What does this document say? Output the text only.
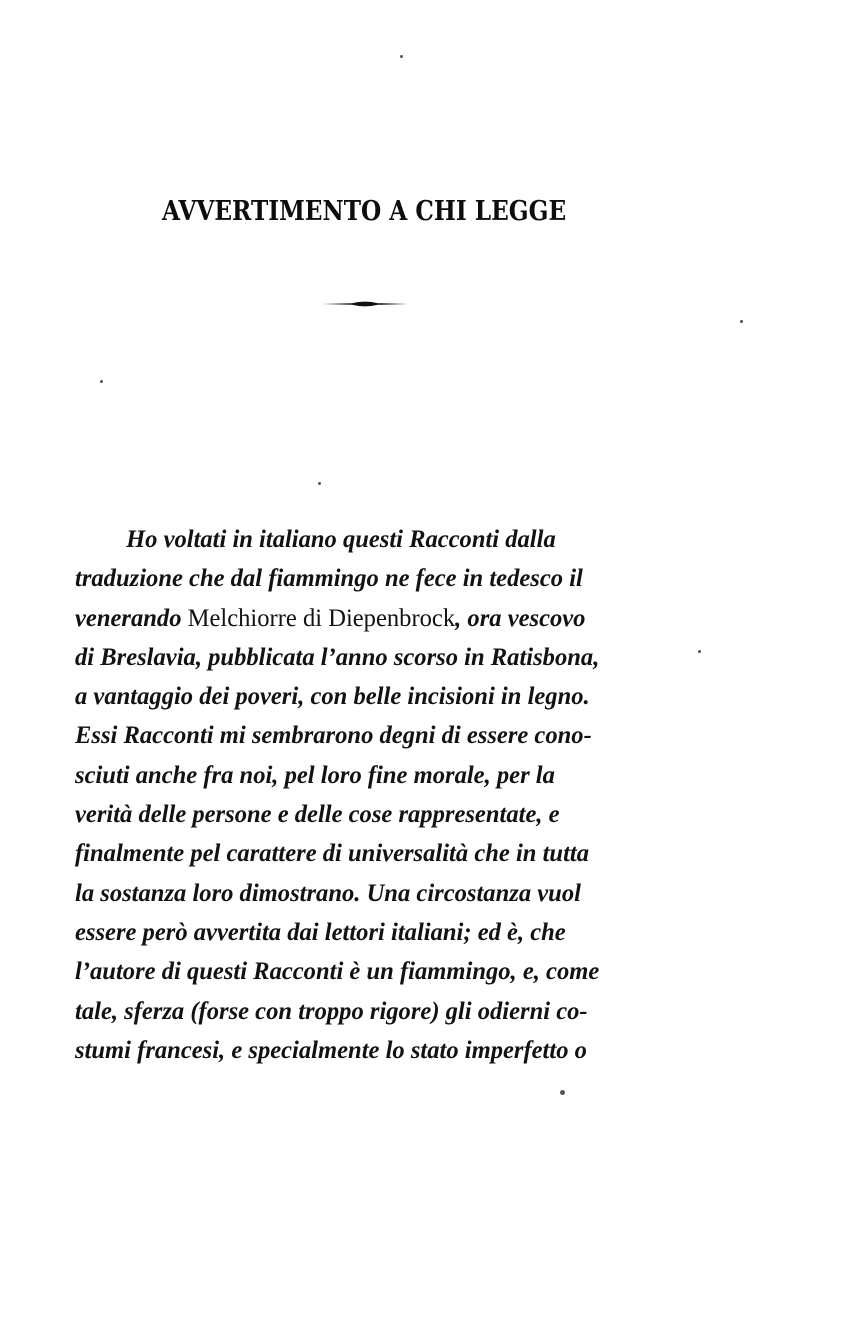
AVVERTIMENTO A CHI LEGGE
Ho voltati in italiano questi Racconti dalla
traduzione che dal fiammingo ne fece in tedesco il
venerando Melchiorre di Diepenbrock, ora vescovo
di Breslavia, pubblicata l’anno scorso in Ratisbona,
a vantaggio dei poveri, con belle incisioni in legno.
Essi Racconti mi sembrarono degni di essere cono-
sciuti anche fra noi, pel loro fine morale, per la
verità delle persone e delle cose rappresentate, e
finalmente pel carattere di universalità che in tutta
la sostanza loro dimostrano. Una circostanza vuol
essere però avvertita dai lettori italiani; ed è, che
l’autore di questi Racconti è un fiammingo, e, come
tale, sferza (forse con troppo rigore) gli odierni co-
stumi francesi, e specialmente lo stato imperfetto o
